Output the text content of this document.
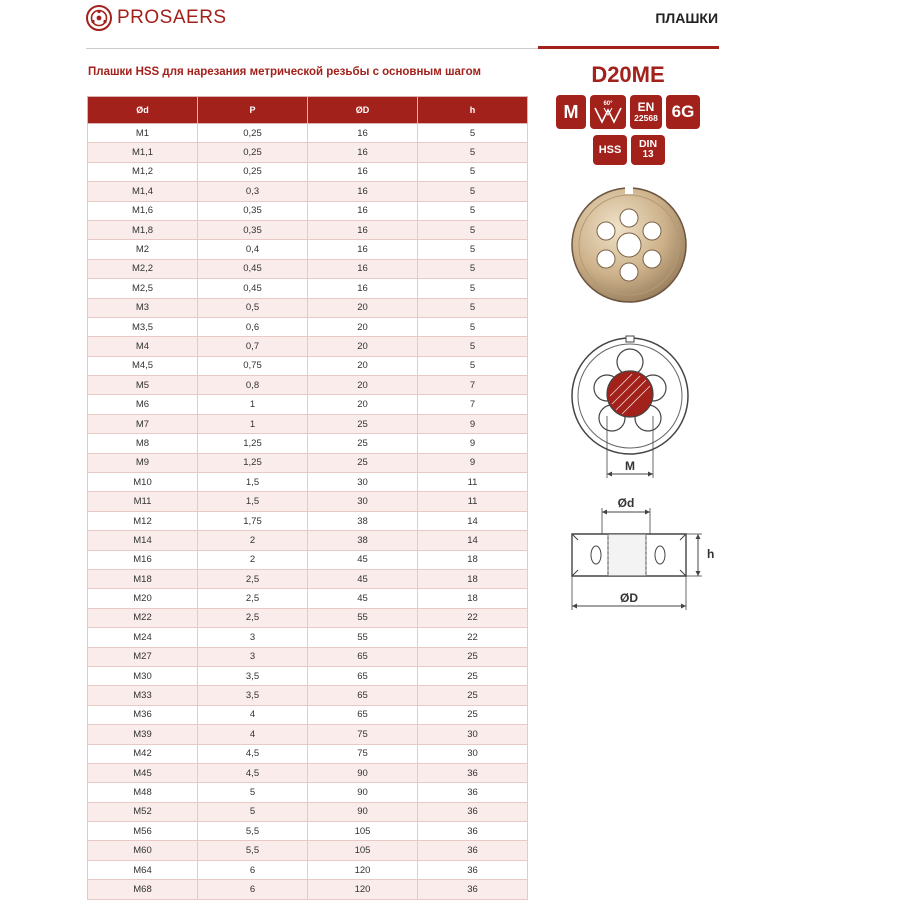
PROSAERS	ПЛАШКИ
Плашки HSS для нарезания метрической резьбы с основным шагом	D20ME
Ød	P	ØD	h
M1	0,25	16	5
M1,1	0,25	16	5
M1,2	0,25	16	5
M1,4	0,3	16	5
M1,6	0,35	16	5
M1,8	0,35	16	5
M2	0,4	16	5
M2,2	0,45	16	5
M2,5	0,45	16	5
M3	0,5	20	5
M3,5	0,6	20	5
M4	0,7	20	5
M4,5	0,75	20	5
M5	0,8	20	7
M6	1	20	7
M7	1	25	9
M8	1,25	25	9
M9	1,25	25	9
M10	1,5	30	11
M11	1,5	30	11
M12	1,75	38	14
M14	2	38	14
M16	2	45	18
M18	2,5	45	18
M20	2,5	45	18
M22	2,5	55	22
M24	3	55	22
M27	3	65	25
M30	3,5	65	25
M33	3,5	65	25
M36	4	65	25
M39	4	75	30
M42	4,5	75	30
M45	4,5	90	36
M48	5	90	36
M52	5	90	36
M56	5,5	105	36
M60	5,5	105	36
M64	6	120	36
M68	6	120	36
M	60° EN
22568 6G
HSS	DIN
13
M
Ød
h
ØD
